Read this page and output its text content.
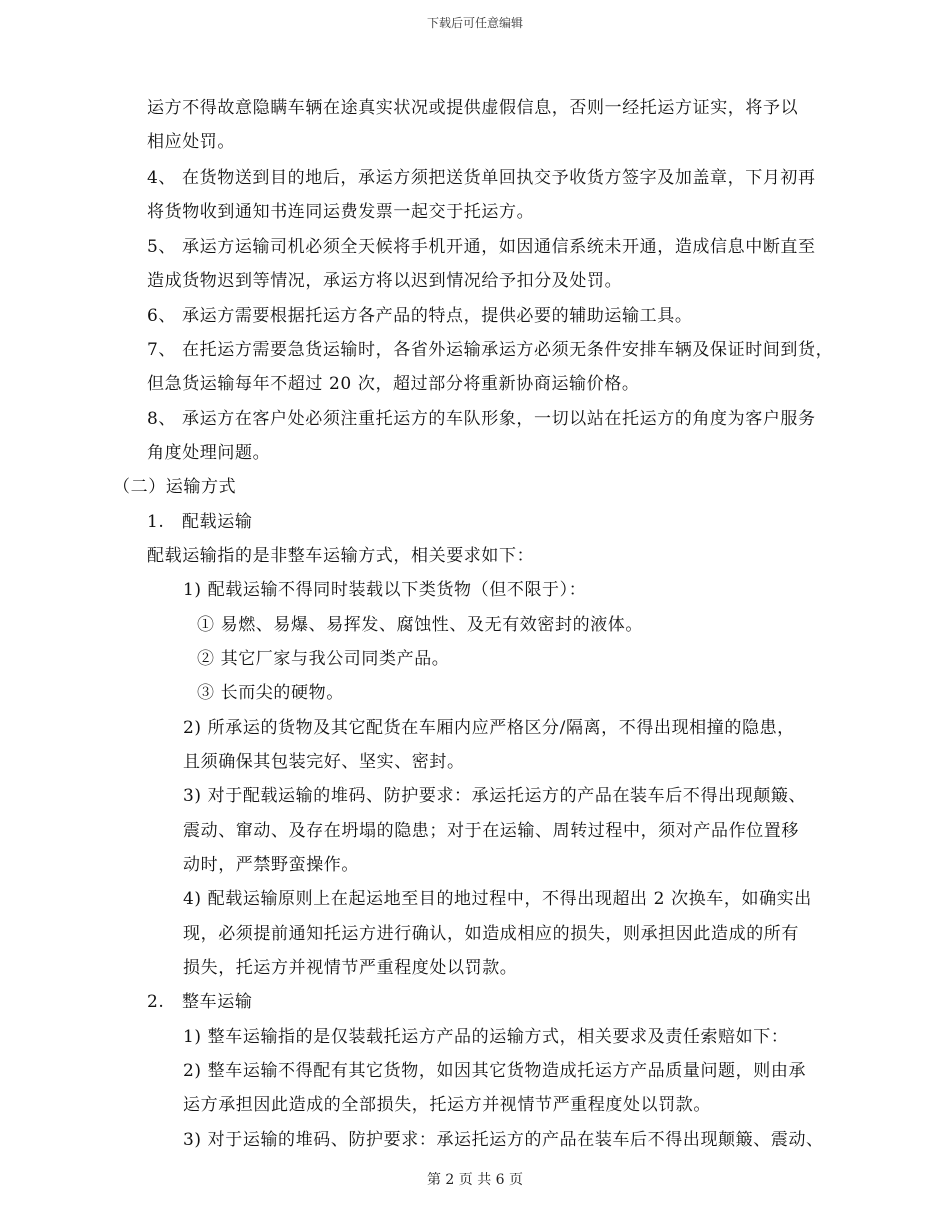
下载后可任意编辑
运方不得故意隐瞒车辆在途真实状况或提供虚假信息，否则一经托运方证实，将予以
相应处罚。
4、 在货物送到目的地后，承运方须把送货单回执交予收货方签字及加盖章，下月初再
将货物收到通知书连同运费发票一起交于托运方。
5、 承运方运输司机必须全天候将手机开通，如因通信系统未开通，造成信息中断直至
造成货物迟到等情况，承运方将以迟到情况给予扣分及处罚。
6、 承运方需要根据托运方各产品的特点，提供必要的辅助运输工具。
7、 在托运方需要急货运输时，各省外运输承运方必须无条件安排车辆及保证时间到货，
但急货运输每年不超过 20 次，超过部分将重新协商运输价格。
8、 承运方在客户处必须注重托运方的车队形象，一切以站在托运方的角度为客户服务
角度处理问题。
（二）运输方式
1.　配载运输
配载运输指的是非整车运输方式，相关要求如下：
1) 配载运输不得同时装载以下类货物（但不限于）：
① 易燃、易爆、易挥发、腐蚀性、及无有效密封的液体。
② 其它厂家与我公司同类产品。
③ 长而尖的硬物。
2) 所承运的货物及其它配货在车厢内应严格区分/隔离，不得出现相撞的隐患，
且须确保其包装完好、坚实、密封。
3) 对于配载运输的堆码、防护要求：承运托运方的产品在装车后不得出现颠簸、
震动、窜动、及存在坍塌的隐患；对于在运输、周转过程中，须对产品作位置移
动时，严禁野蛮操作。
4) 配载运输原则上在起运地至目的地过程中，不得出现超出 2 次换车，如确实出
现，必须提前通知托运方进行确认，如造成相应的损失，则承担因此造成的所有
损失，托运方并视情节严重程度处以罚款。
2.　整车运输
1) 整车运输指的是仅装载托运方产品的运输方式，相关要求及责任索赔如下：
2) 整车运输不得配有其它货物，如因其它货物造成托运方产品质量问题，则由承
运方承担因此造成的全部损失，托运方并视情节严重程度处以罚款。
3) 对于运输的堆码、防护要求：承运托运方的产品在装车后不得出现颠簸、震动、
第 2 页 共 6 页
